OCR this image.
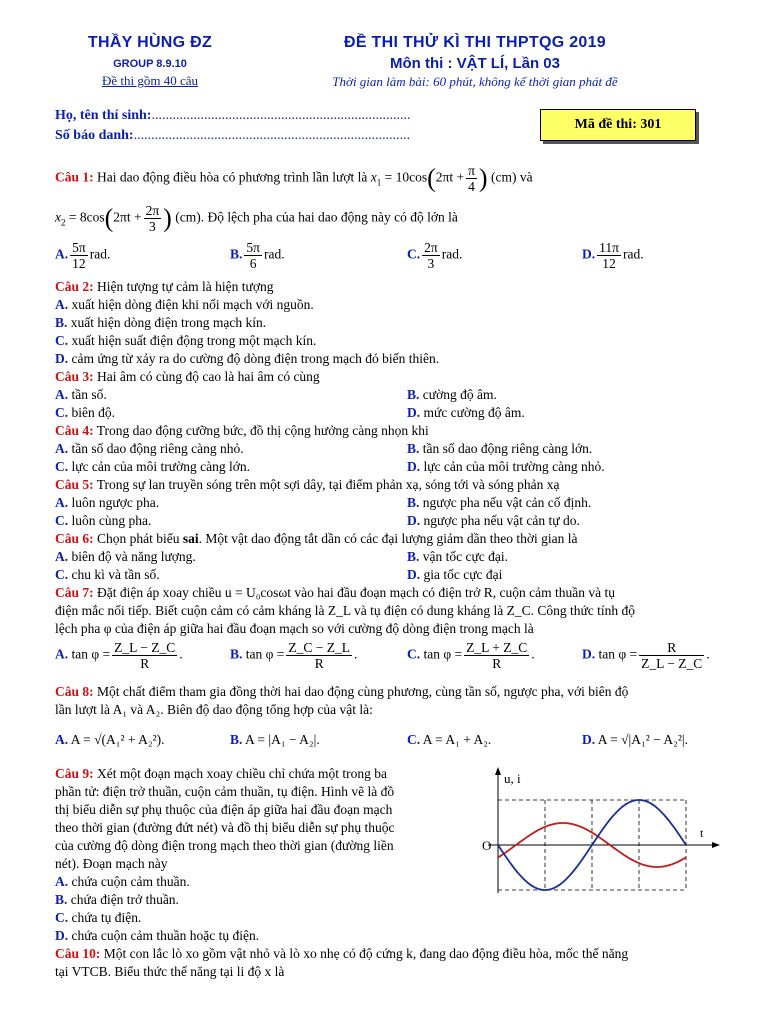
THẦY HÙNG ĐZ
GROUP 8.9.10
Đề thi gồm 40 câu
ĐỀ THI THỬ KÌ THI THPTQG 2019
Môn thi : VẬT LÍ, Lần 03
Thời gian làm bài: 60 phút, không kể thời gian phát đề
Họ, tên thí sinh:..........................................................................
Số báo danh:...............................................................................
Mã đề thi: 301
Câu 1: Hai dao động điều hòa có phương trình lần lượt là $x_1 = 10\cos(2\pi t + \frac{\pi}{4}$ ) (cm) và
$x_2 = 8\cos(2\pi t + \frac{2\pi}{3}$ ) (cm). Độ lệch pha của hai dao động này có độ lớn là
A. $\frac{5\pi}{12}$ rad.	B. $\frac{5\pi}{6}$ rad.	C. $\frac{2\pi}{3}$ rad.	D. $\frac{11\pi}{12}$ rad.
Câu 2: Hiện tượng tự cảm là hiện tượng
A. xuất hiện dòng điện khi nối mạch với nguồn.
B. xuất hiện dòng điện trong mạch kín.
C. xuất hiện suất điện động trong một mạch kín.
D. cảm ứng từ xảy ra do cường độ dòng điện trong mạch đó biến thiên.
Câu 3: Hai âm có cùng độ cao là hai âm có cùng
A. tần số.	B. cường độ âm.
C. biên độ.	D. mức cường độ âm.
Câu 4: Trong dao động cưỡng bức, đồ thị cộng hưởng càng nhọn khi
A. tần số dao động riêng càng nhỏ.	B. tần số dao động riêng càng lớn.
C. lực cản của môi trường càng lớn.	D. lực cản của môi trường càng nhỏ.
Câu 5: Trong sự lan truyền sóng trên một sợi dây, tại điểm phản xạ, sóng tới và sóng phản xạ
A. luôn ngược pha.	B. ngược pha nếu vật cản cố định.
C. luôn cùng pha.	D. ngược pha nếu vật cản tự do.
Câu 6: Chọn phát biểu sai. Một vật dao động tắt dần có các đại lượng giảm dần theo thời gian là
A. biên độ và năng lượng.	B. vận tốc cực đại.
C. chu kì và tần số.	D. gia tốc cực đại
Câu 7: Đặt điện áp xoay chiều u = U₀cosωt vào hai đầu đoạn mạch có điện trở R, cuộn cảm thuần và tụ
điện mắc nối tiếp. Biết cuộn cảm có cảm kháng là Z_L và tụ điện có dung kháng là Z_C. Công thức tính độ
lệch pha φ của điện áp giữa hai đầu đoạn mạch so với cường độ dòng điện trong mạch là
A. $\tan \varphi = \frac{Z\_L - Z\_C}{R}$ .	B. $\tan \varphi = \frac{Z\_C - Z\_L}{R}$ .	C. $\tan \varphi = \frac{Z\_L + Z\_C}{R}$ .	D. $\tan \varphi = \frac{R}{Z\_L - Z\_C}$ .
Câu 8: Một chất điểm tham gia đồng thời hai dao động cùng phương, cùng tần số, ngược pha, với biên độ
lần lượt là A₁ và A₂. Biên độ dao động tổng hợp của vật là:
A. A = √(A₁² + A₂²).	B. A = |A₁ − A₂|.	C. A = A₁ + A₂.	D. A = √|A₁² − A₂²|.
Câu 9: Xét một đoạn mạch xoay chiều chỉ chứa một trong ba
phần tử: điện trở thuần, cuộn cảm thuần, tụ điện. Hình vẽ là đồ
thị biểu diễn sự phụ thuộc của điện áp giữa hai đầu đoạn mạch
theo thời gian (đường đứt nét) và đồ thị biểu diễn sự phụ thuộc
của cường độ dòng điện trong mạch theo thời gian (đường liền
nét). Đoạn mạch này
A. chứa cuộn cảm thuần.
B. chứa điện trở thuần.
C. chứa tụ điện.
D. chứa cuộn cảm thuần hoặc tụ điện.
u, i
t
O
Câu 10: Một con lắc lò xo gồm vật nhỏ và lò xo nhẹ có độ cứng k, đang dao động điều hòa, mốc thế năng
tại VTCB. Biểu thức thế năng tại li độ x là
